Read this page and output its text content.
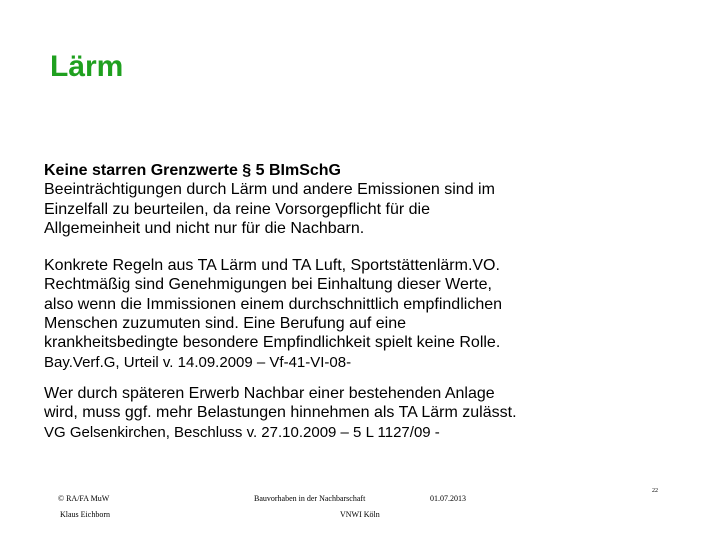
Lärm

Keine starren Grenzwerte § 5 BImSchG

Beeinträchtigungen durch Lärm und andere Emissionen sind im

Einzelfall zu beurteilen, da reine Vorsorgepflicht für die

Allgemeinheit und nicht nur für die Nachbarn.

Konkrete Regeln aus TA Lärm und TA Luft, Sportstättenlärm.VO.

Rechtmäßig sind Genehmigungen bei Einhaltung dieser Werte,

also wenn die Immissionen einem durchschnittlich empfindlichen

Menschen zuzumuten sind. Eine Berufung auf eine

krankheitsbedingte besondere Empfindlichkeit spielt keine Rolle.

Bay.Verf.G, Urteil v. 14.09.2009 – Vf-41-VI-08-

Wer durch späteren Erwerb Nachbar einer bestehenden Anlage

wird, muss ggf. mehr Belastungen hinnehmen als TA Lärm zulässt.

VG Gelsenkirchen, Beschluss v. 27.10.2009 – 5 L 1127/09 -

© RA/FA MuW
Klaus Eichborn
Bauvorhaben in der Nachbarschaft	01.07.2013
VNWI Köln
22
